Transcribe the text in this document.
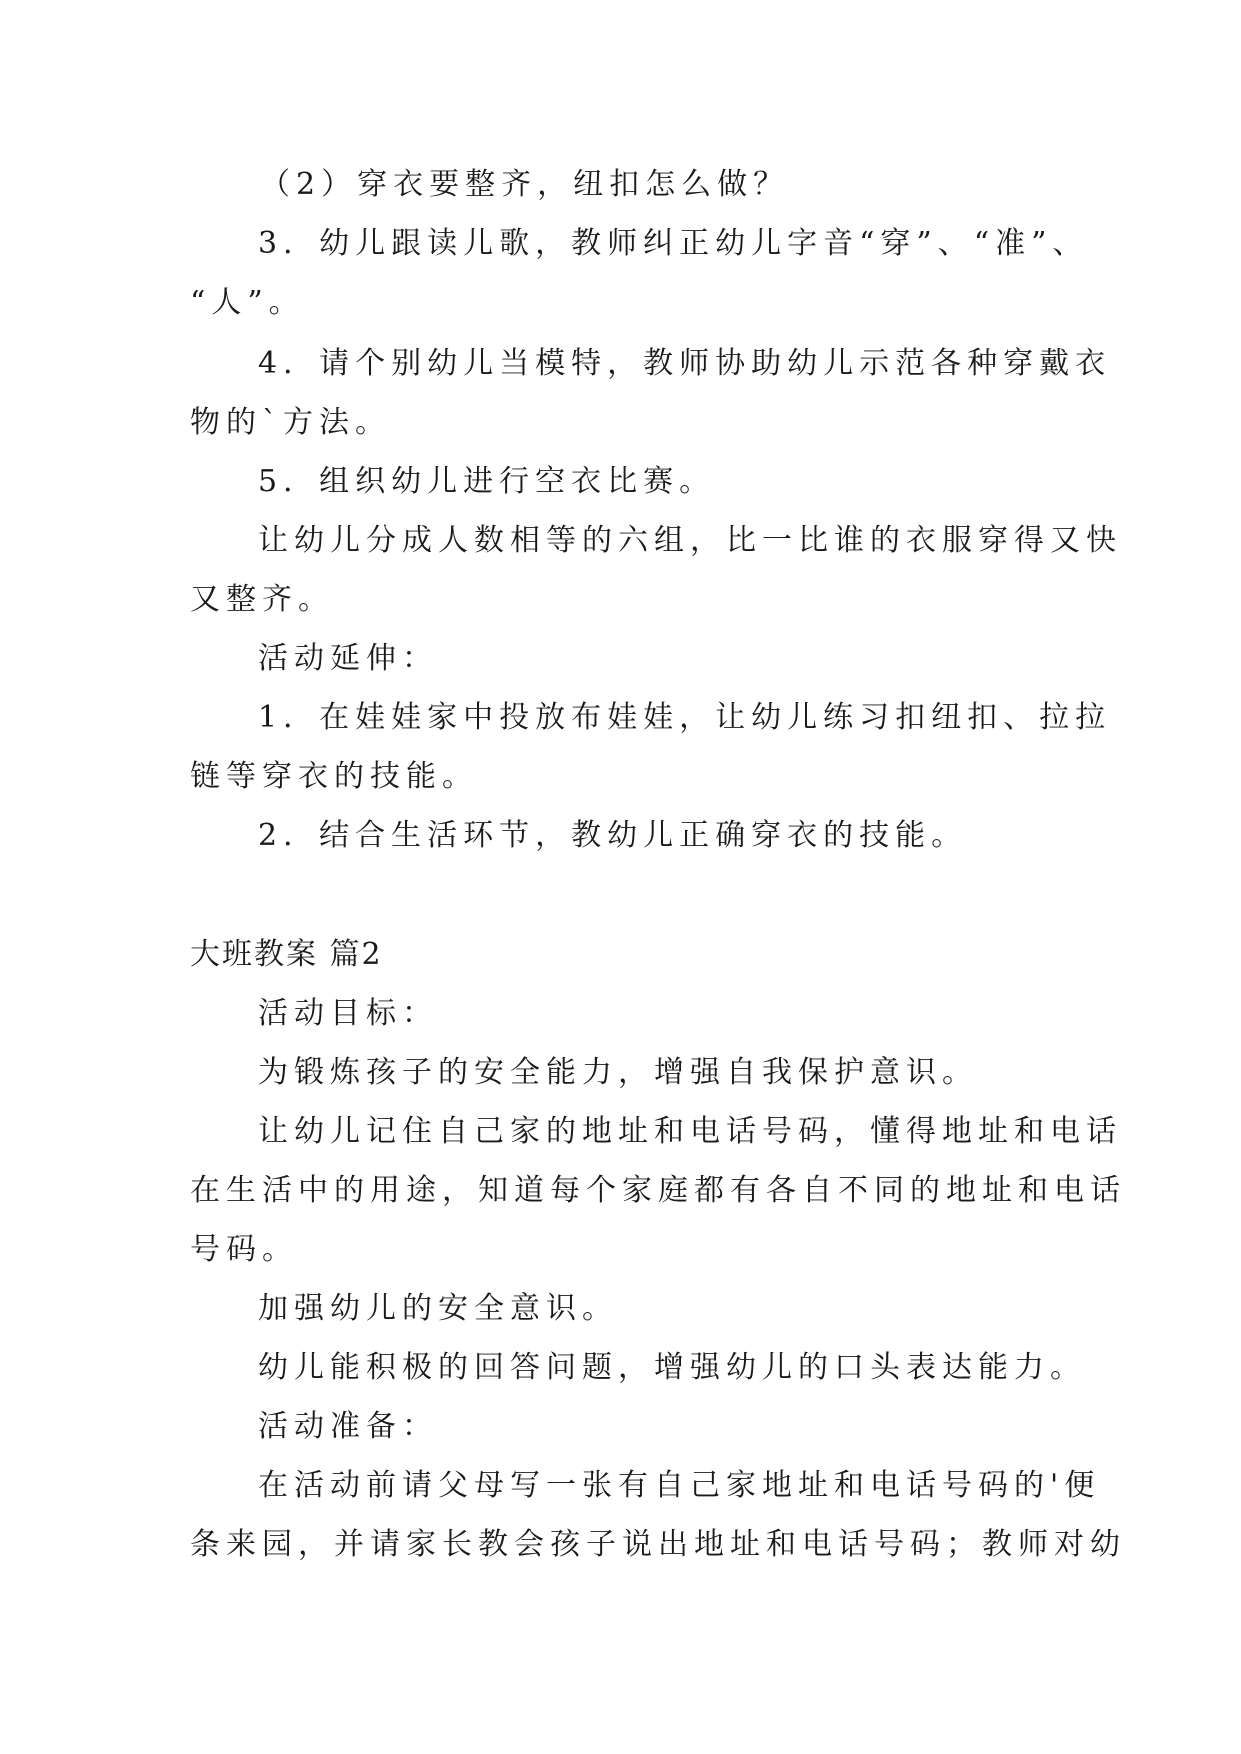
（2）穿衣要整齐，纽扣怎么做？
3．幼儿跟读儿歌，教师纠正幼儿字音“穿”、“准”、
“人”。
4．请个别幼儿当模特，教师协助幼儿示范各种穿戴衣
物的`方法。
5．组织幼儿进行空衣比赛。
让幼儿分成人数相等的六组，比一比谁的衣服穿得又快
又整齐。
活动延伸：
1．在娃娃家中投放布娃娃，让幼儿练习扣纽扣、拉拉
链等穿衣的技能。
2．结合生活环节，教幼儿正确穿衣的技能。
大班教案 篇2
活动目标：
为锻炼孩子的安全能力，增强自我保护意识。
让幼儿记住自己家的地址和电话号码，懂得地址和电话
在生活中的用途，知道每个家庭都有各自不同的地址和电话
号码。
加强幼儿的安全意识。
幼儿能积极的回答问题，增强幼儿的口头表达能力。
活动准备：
在活动前请父母写一张有自己家地址和电话号码的'便
条来园，并请家长教会孩子说出地址和电话号码；教师对幼
